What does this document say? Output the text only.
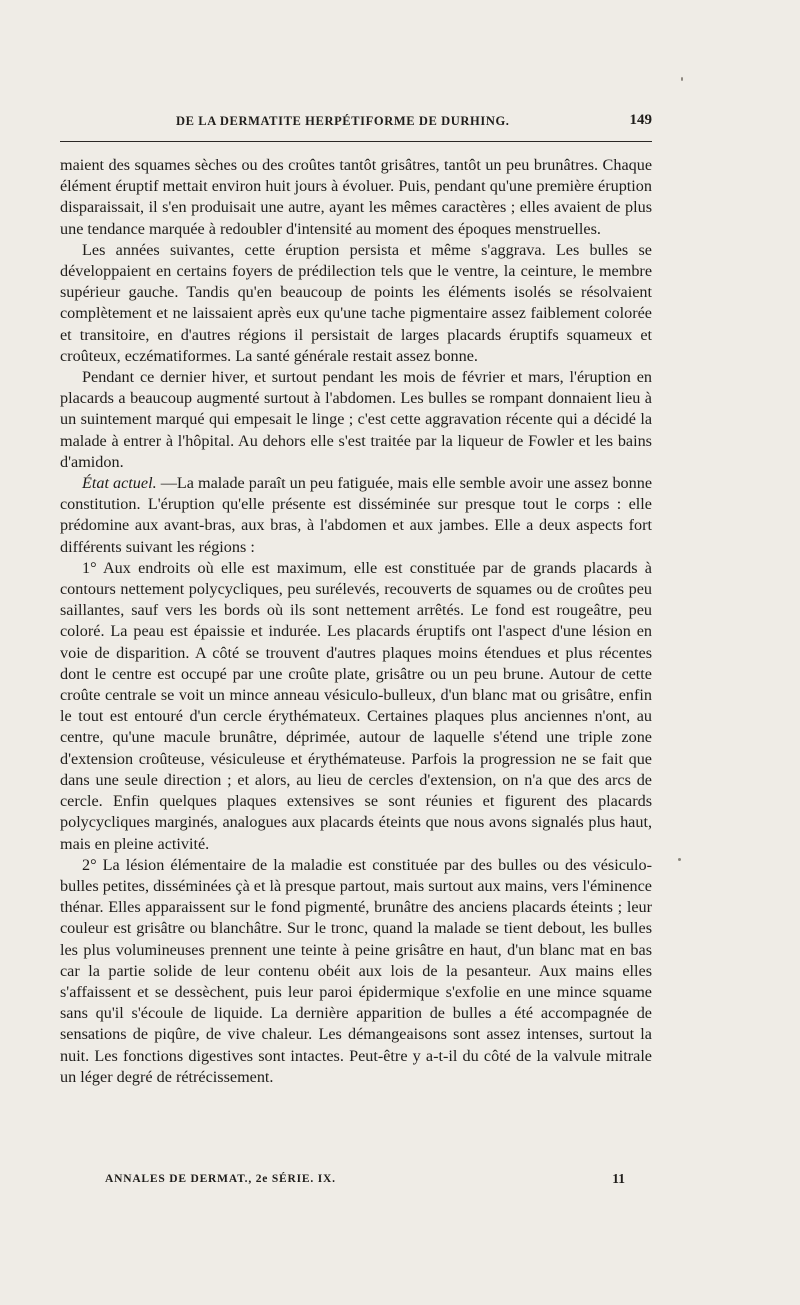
DE LA DERMATITE HERPÉTIFORME DE DURHING.	149

maient des squames sèches ou des croûtes tantôt grisâtres, tantôt un peu brunâtres. Chaque élément éruptif mettait environ huit jours à évoluer. Puis, pendant qu'une première éruption disparaissait, il s'en produisait une autre, ayant les mêmes caractères ; elles avaient de plus une tendance marquée à redoubler d'intensité au moment des époques menstruelles.

Les années suivantes, cette éruption persista et même s'aggrava. Les bulles se développaient en certains foyers de prédilection tels que le ventre, la ceinture, le membre supérieur gauche. Tandis qu'en beaucoup de points les éléments isolés se résolvaient complètement et ne laissaient après eux qu'une tache pigmentaire assez faiblement colorée et transitoire, en d'autres régions il persistait de larges placards éruptifs squameux et croûteux, eczématiformes. La santé générale restait assez bonne.

Pendant ce dernier hiver, et surtout pendant les mois de février et mars, l'éruption en placards a beaucoup augmenté surtout à l'abdomen. Les bulles se rompant donnaient lieu à un suintement marqué qui empesait le linge ; c'est cette aggravation récente qui a décidé la malade à entrer à l'hôpital. Au dehors elle s'est traitée par la liqueur de Fowler et les bains d'amidon.

État actuel. —La malade paraît un peu fatiguée, mais elle semble avoir une assez bonne constitution. L'éruption qu'elle présente est disséminée sur presque tout le corps : elle prédomine aux avant-bras, aux bras, à l'abdomen et aux jambes. Elle a deux aspects fort différents suivant les régions :

1° Aux endroits où elle est maximum, elle est constituée par de grands placards à contours nettement polycycliques, peu surélevés, recouverts de squames ou de croûtes peu saillantes, sauf vers les bords où ils sont nettement arrêtés. Le fond est rougeâtre, peu coloré. La peau est épaissie et indurée. Les placards éruptifs ont l'aspect d'une lésion en voie de disparition. A côté se trouvent d'autres plaques moins étendues et plus récentes dont le centre est occupé par une croûte plate, grisâtre ou un peu brune. Autour de cette croûte centrale se voit un mince anneau vésiculo-bulleux, d'un blanc mat ou grisâtre, enfin le tout est entouré d'un cercle érythémateux. Certaines plaques plus anciennes n'ont, au centre, qu'une macule brunâtre, déprimée, autour de laquelle s'étend une triple zone d'extension croûteuse, vésiculeuse et érythémateuse. Parfois la progression ne se fait que dans une seule direction ; et alors, au lieu de cercles d'extension, on n'a que des arcs de cercle. Enfin quelques plaques extensives se sont réunies et figurent des placards polycycliques marginés, analogues aux placards éteints que nous avons signalés plus haut, mais en pleine activité.

2° La lésion élémentaire de la maladie est constituée par des bulles ou des vésiculo-bulles petites, disséminées çà et là presque partout, mais surtout aux mains, vers l'éminence thénar. Elles apparaissent sur le fond pigmenté, brunâtre des anciens placards éteints ; leur couleur est grisâtre ou blanchâtre. Sur le tronc, quand la malade se tient debout, les bulles les plus volumineuses prennent une teinte à peine grisâtre en haut, d'un blanc mat en bas car la partie solide de leur contenu obéit aux lois de la pesanteur. Aux mains elles s'affaissent et se dessèchent, puis leur paroi épidermique s'exfolie en une mince squame sans qu'il s'écoule de liquide. La dernière apparition de bulles a été accompagnée de sensations de piqûre, de vive chaleur. Les démangeaisons sont assez intenses, surtout la nuit. Les fonctions digestives sont intactes. Peut-être y a-t-il du côté de la valvule mitrale un léger degré de rétrécissement.

ANNALES DE DERMAT., 2e SÉRIE. IX.	11
